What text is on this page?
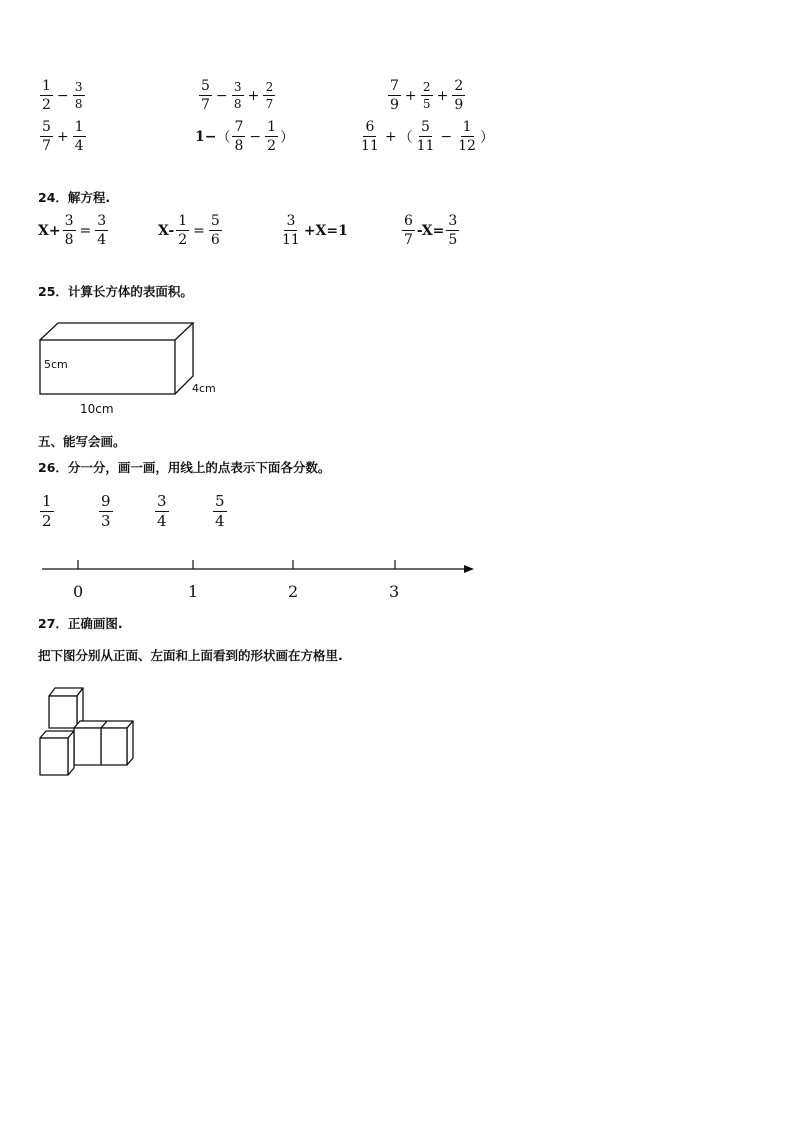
$\frac{1}{2} - \frac{3}{8}$	$\frac{5}{7} - \frac{3}{8} + \frac{2}{7}$	$\frac{7}{9} + \frac{2}{5} + \frac{2}{9}$
$\frac{5}{7} + \frac{1}{4}$	1− （ $\frac{7}{8} - \frac{1}{2}$ ）	$\frac{6}{11}$ + （ $\frac{5}{11} - \frac{1}{12}$ ）
24．解方程.
$X+ \frac{3}{8} = \frac{3}{4}$	$X- \frac{1}{2} = \frac{5}{6}$	$\frac{3}{11} +X=1$	$\frac{6}{7} -X= \frac{3}{5}$
25．计算长方体的表面积。
5cm
4cm
10cm
五、能写会画。
26．分一分，画一画，用线上的点表示下面各分数。
$\frac{1}{2}$	$\frac{9}{3}$	$\frac{3}{4}$	$\frac{5}{4}$
0	1	2	3
27．正确画图.
把下图分别从正面、左面和上面看到的形状画在方格里.
